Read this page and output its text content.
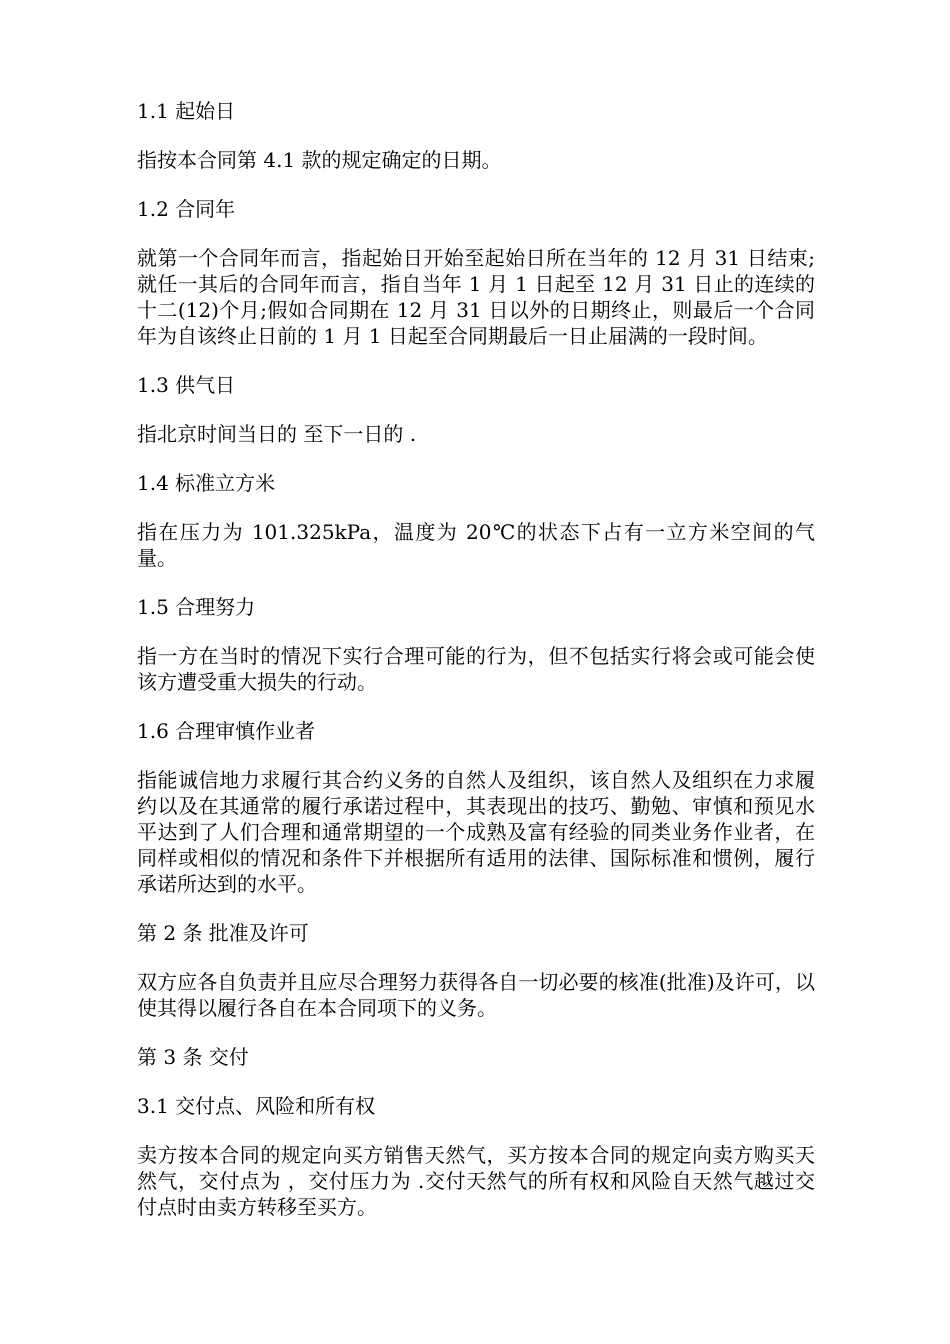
1.1 起始日
指按本合同第 4.1 款的规定确定的日期。
1.2 合同年
就第一个合同年而言，指起始日开始至起始日所在当年的 12 月 31 日结束;就任一其后的合同年而言，指自当年 1 月 1 日起至 12 月 31 日止的连续的十二(12)个月;假如合同期在 12 月 31 日以外的日期终止，则最后一个合同年为自该终止日前的 1 月 1 日起至合同期最后一日止届满的一段时间。
1.3 供气日
指北京时间当日的 至下一日的 .
1.4 标准立方米
指在压力为 101.325kPa，温度为 20℃的状态下占有一立方米空间的气量。
1.5 合理努力
指一方在当时的情况下实行合理可能的行为，但不包括实行将会或可能会使该方遭受重大损失的行动。
1.6 合理审慎作业者
指能诚信地力求履行其合约义务的自然人及组织，该自然人及组织在力求履约以及在其通常的履行承诺过程中，其表现出的技巧、勤勉、审慎和预见水平达到了人们合理和通常期望的一个成熟及富有经验的同类业务作业者，在同样或相似的情况和条件下并根据所有适用的法律、国际标准和惯例，履行承诺所达到的水平。
第 2 条 批准及许可
双方应各自负责并且应尽合理努力获得各自一切必要的核准(批准)及许可，以使其得以履行各自在本合同项下的义务。
第 3 条 交付
3.1 交付点、风险和所有权
卖方按本合同的规定向买方销售天然气，买方按本合同的规定向卖方购买天然气，交付点为 ，交付压力为 .交付天然气的所有权和风险自天然气越过交付点时由卖方转移至买方。
